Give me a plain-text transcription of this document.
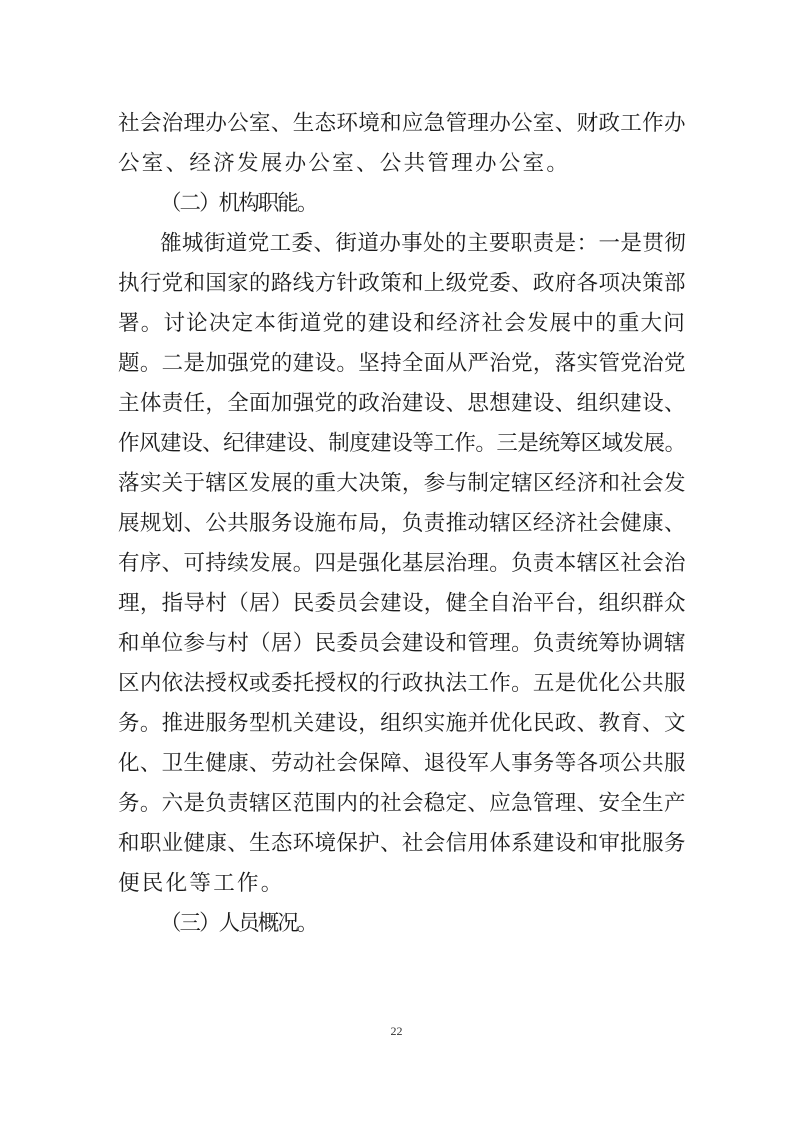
社会治理办公室、生态环境和应急管理办公室、财政工作办
公室、经济发展办公室、公共管理办公室。
（二）机构职能。
雒城街道党工委、街道办事处的主要职责是：一是贯彻
执行党和国家的路线方针政策和上级党委、政府各项决策部
署。讨论决定本街道党的建设和经济社会发展中的重大问
题。二是加强党的建设。坚持全面从严治党，落实管党治党
主体责任，全面加强党的政治建设、思想建设、组织建设、
作风建设、纪律建设、制度建设等工作。三是统筹区域发展。
落实关于辖区发展的重大决策，参与制定辖区经济和社会发
展规划、公共服务设施布局，负责推动辖区经济社会健康、
有序、可持续发展。四是强化基层治理。负责本辖区社会治
理，指导村（居）民委员会建设，健全自治平台，组织群众
和单位参与村（居）民委员会建设和管理。负责统筹协调辖
区内依法授权或委托授权的行政执法工作。五是优化公共服
务。推进服务型机关建设，组织实施并优化民政、教育、文
化、卫生健康、劳动社会保障、退役军人事务等各项公共服
务。六是负责辖区范围内的社会稳定、应急管理、安全生产
和职业健康、生态环境保护、社会信用体系建设和审批服务
便民化等工作。
（三）人员概况。
22
